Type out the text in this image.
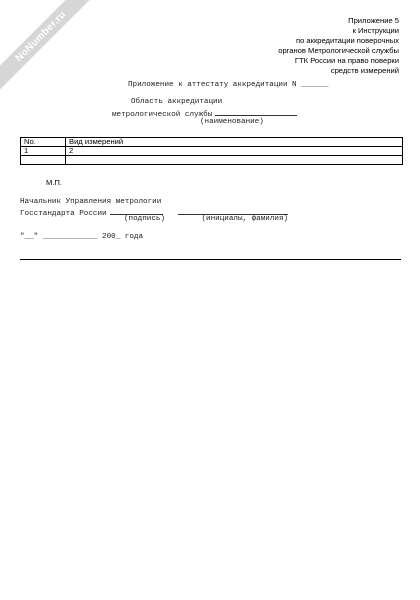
NoNumber.ru	Приложение 5
к Инструкции
по аккредитации поверочных
органов Метрологической службы
ГТК России на право поверки
средств измерений
Приложение к аттестату аккредитации N ______
Область аккредитации
метрологической службы
(наименование)
No.	Вид измерений
1	2

М.П.
Начальник Управления метрологии
Госстандарта России
(подпись)	(инициалы, фамилия)
"__" ____________ 200_ года
